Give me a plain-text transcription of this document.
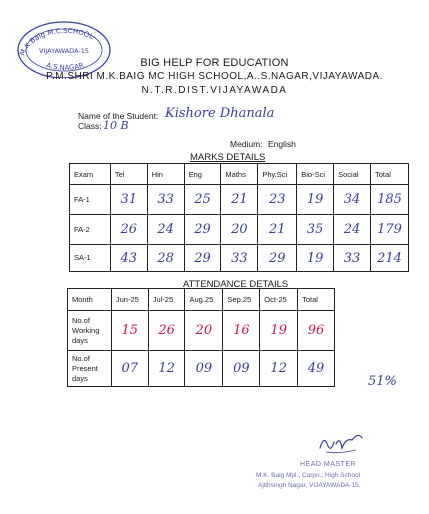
M.K.Baig M.C.SCHOOL
VIJAYAWADA-15
A.S.NAGAR	BIG HELP FOR EDUCATION
P.M.SHRI M.K.BAIG MC HIGH SCHOOL,A..S.NAGAR,VIJAYAWADA.
N.T.R.DIST.VIJAYAWADA
Name of the Student: Kishore Dhanala
Class: 10 B
Medium: English
MARKS DETAILS
Exam	Tel	Hin	Eng	Maths	Phy.Sci	Bio-Sci	Social	Total
FA-1	31	33	25	21	23	19	34	185
FA-2	26	24	29	20	21	35	24	179
SA-1	43	28	29	33	29	19	33	214
ATTENDANCE DETAILS
Month	Jun-25	Jul-25	Aug.25	Sep.25	Oct-25	Total
No.of Working days	15	26	20	16	19	96
No.of Present days	07	12	09	09	12	49
51%
HEAD MASTER
M.K. Baig Mpl., Corpn., High School
Ajithsingh Nagar, VIJAYAWADA-15.
